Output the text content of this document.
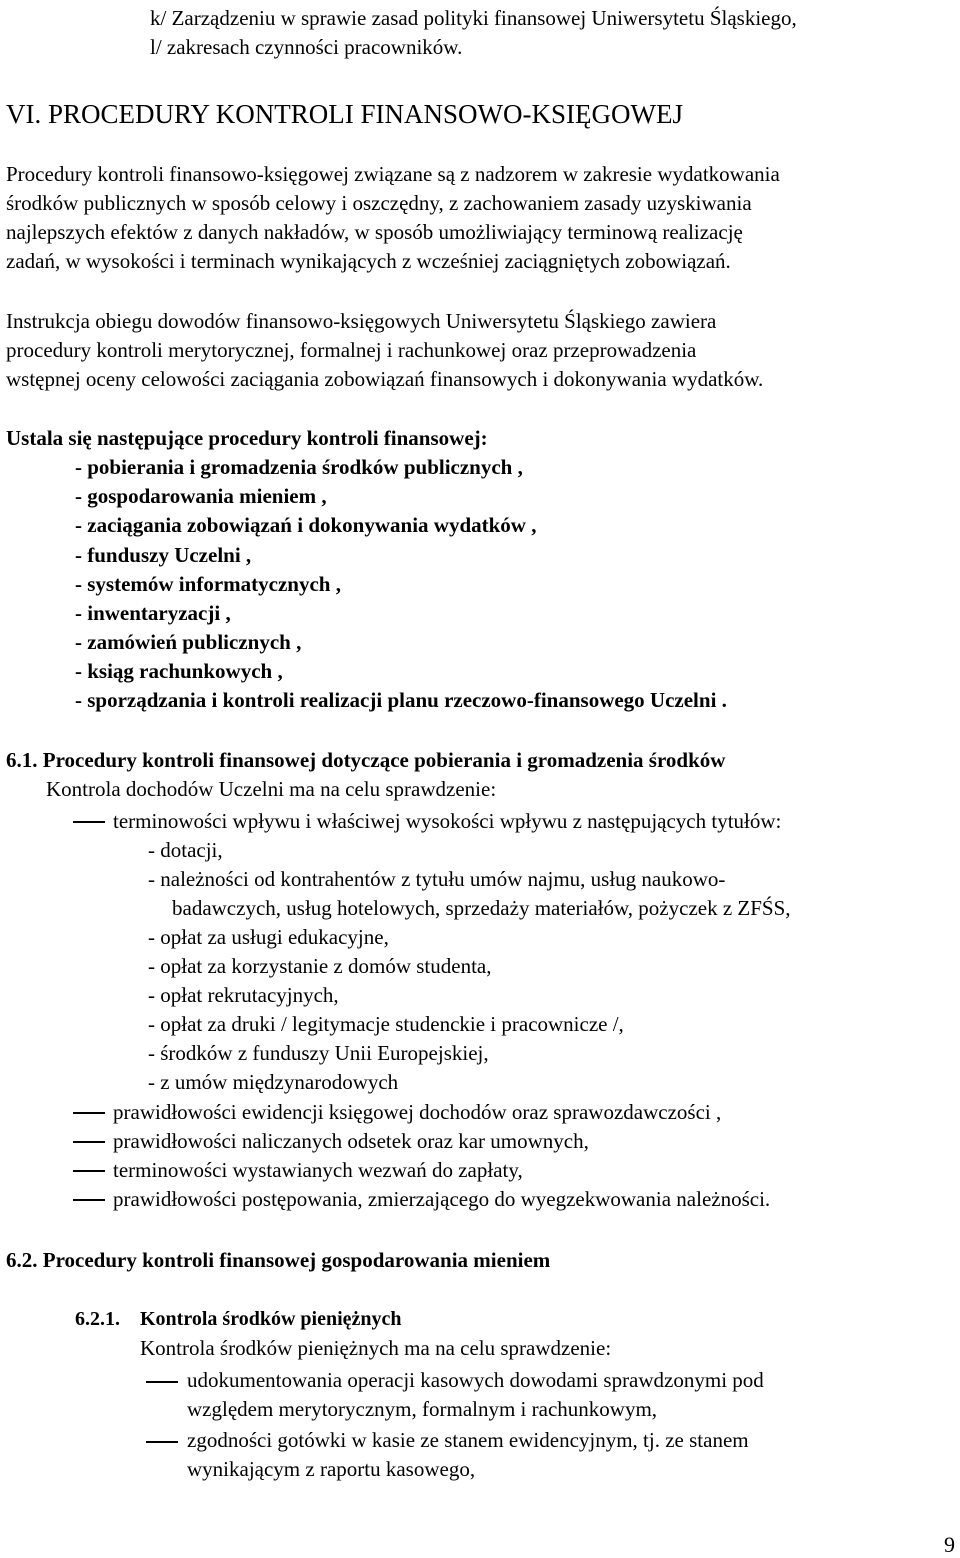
k/ Zarządzeniu w sprawie zasad polityki finansowej Uniwersytetu Śląskiego,
l/ zakresach czynności pracowników.
VI. PROCEDURY KONTROLI FINANSOWO-KSIĘGOWEJ
Procedury kontroli finansowo-księgowej związane są z nadzorem w zakresie wydatkowania
środków publicznych w sposób celowy i oszczędny, z zachowaniem zasady uzyskiwania
najlepszych efektów z danych nakładów, w sposób umożliwiający terminową realizację
zadań, w wysokości i terminach wynikających z wcześniej zaciągniętych zobowiązań.
Instrukcja obiegu dowodów finansowo-księgowych Uniwersytetu Śląskiego zawiera
procedury kontroli merytorycznej, formalnej i rachunkowej oraz przeprowadzenia
wstępnej oceny celowości zaciągania zobowiązań finansowych i dokonywania wydatków.
Ustala się następujące procedury kontroli finansowej:
- pobierania i gromadzenia środków publicznych ,
- gospodarowania mieniem ,
- zaciągania zobowiązań i dokonywania wydatków ,
- funduszy Uczelni ,
- systemów informatycznych ,
- inwentaryzacji ,
- zamówień publicznych ,
- ksiąg rachunkowych ,
- sporządzania i kontroli realizacji planu rzeczowo-finansowego Uczelni .
6.1. Procedury kontroli finansowej dotyczące pobierania i gromadzenia środków
Kontrola dochodów Uczelni ma na celu sprawdzenie:
terminowości wpływu i właściwej wysokości wpływu z następujących tytułów:
- dotacji,
- należności od kontrahentów z tytułu umów najmu, usług naukowo-
badawczych, usług hotelowych, sprzedaży materiałów, pożyczek z ZFŚS,
- opłat za usługi edukacyjne,
- opłat za korzystanie z domów studenta,
- opłat rekrutacyjnych,
- opłat za druki / legitymacje studenckie i pracownicze /,
- środków z funduszy Unii Europejskiej,
- z umów międzynarodowych
prawidłowości ewidencji księgowej dochodów oraz sprawozdawczości ,
prawidłowości naliczanych odsetek oraz kar umownych,
terminowości wystawianych wezwań do zapłaty,
prawidłowości postępowania, zmierzającego do wyegzekwowania należności.
6.2. Procedury kontroli finansowej gospodarowania mieniem
6.2.1. Kontrola środków pieniężnych
Kontrola środków pieniężnych ma na celu sprawdzenie:
udokumentowania operacji kasowych dowodami sprawdzonymi pod
względem merytorycznym, formalnym i rachunkowym,
zgodności gotówki w kasie ze stanem ewidencyjnym, tj. ze stanem
wynikającym z raportu kasowego,
9
